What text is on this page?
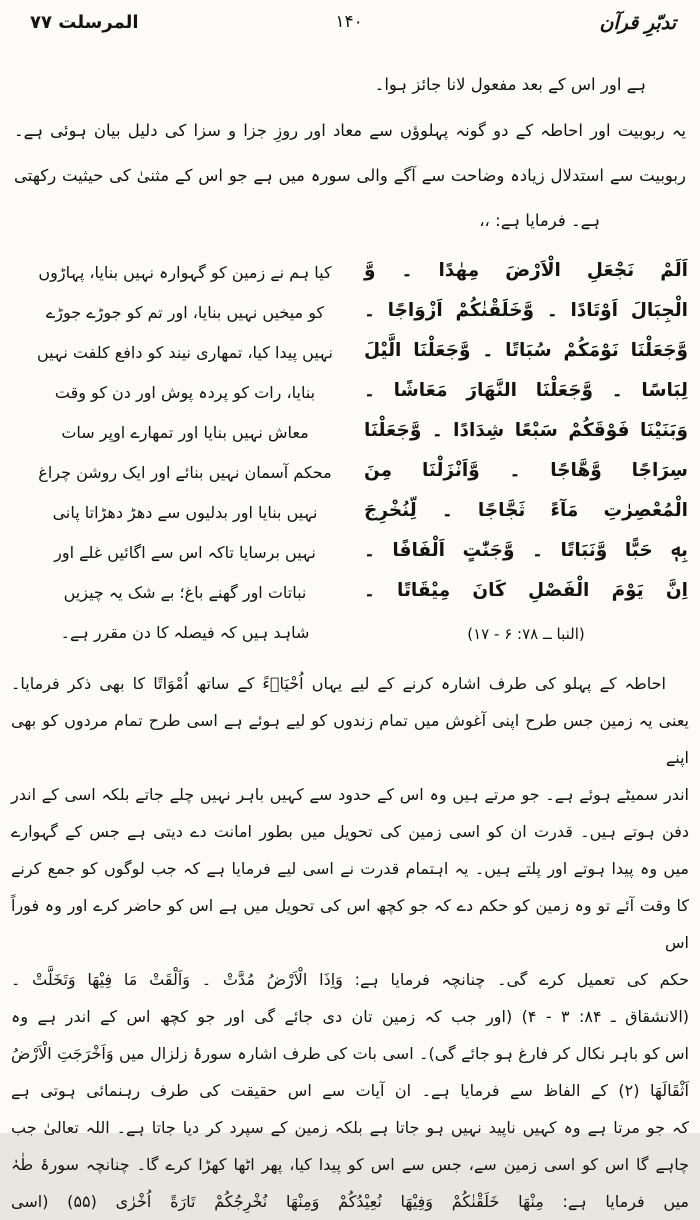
تدبّرِ قرآن
۱۴۰
المرسلت ۷۷
ہے اور اس کے بعد مفعول لانا جائز ہوا۔
یہ ربوبیت اور احاطہ کے دو گونہ پہلوؤں سے معاد اور روزِ جزا و سزا کی دلیل بیان ہوئی ہے۔
ربوبیت سے استدلال زیادہ وضاحت سے آگے والی سورہ میں ہے جو اس کے مثنیٰ کی حیثیت رکھتی
ہے۔ فرمایا ہے: ،،
اَلَمْ نَجْعَلِ الْاَرْضَ مِهٰدًا ۔ وَّ
الْجِبَالَ اَوْتَادًا ۔ وَّخَلَقْنٰكُمْ اَزْوَاجًا ۔
وَّجَعَلْنَا نَوْمَكُمْ سُبَاتًا ۔ وَّجَعَلْنَا الَّيْلَ
لِبَاسًا ۔ وَّجَعَلْنَا النَّهَارَ مَعَاشًا ۔
وَبَنَيْنَا فَوْقَكُمْ سَبْعًا شِدَادًا ۔ وَّجَعَلْنَا
سِرَاجًا وَّهَّاجًا ۔ وَّاَنْزَلْنَا مِنَ
الْمُعْصِرٰتِ مَآءً ثَجَّاجًا ۔ لِّنُخْرِجَ
بِهٖ حَبًّا وَّنَبَاتًا ۔ وَّجَنّٰتٍ اَلْفَافًا ۔
اِنَّ يَوْمَ الْفَصْلِ كَانَ مِيْقَاتًا ۔
(النبا ــ ۷۸: ۶ - ۱۷)
کیا ہم نے زمین کو گہوارہ نہیں بنایا، پہاڑوں
کو میخیں نہیں بنایا، اور تم کو جوڑے جوڑے
نہیں پیدا کیا، تمھاری نیند کو دافع کلفت نہیں
بنایا، رات کو پردہ پوش اور دن کو وقت
معاش نہیں بنایا اور تمھارے اوپر سات
محکم آسمان نہیں بنائے اور ایک روشن چراغ
نہیں بنایا اور بدلیوں سے دھڑ دھڑاتا پانی
نہیں برسایا تاکہ اس سے اگائیں غلے اور
نباتات اور گھنے باغ؛ بے شک یہ چیزیں
شاہد ہیں کہ فیصلہ کا دن مقرر ہے۔
احاطہ کے پہلو کی طرف اشارہ کرنے کے لیے یہاں اُحْيَاۤءً کے ساتھ اُمْوَاتًا کا بھی ذکر فرمایا۔
یعنی یہ زمین جس طرح اپنی آغوش میں تمام زندوں کو لیے ہوئے ہے اسی طرح تمام مردوں کو بھی اپنے
اندر سمیٹے ہوئے ہے۔ جو مرتے ہیں وہ اس کے حدود سے کہیں باہر نہیں چلے جاتے بلکہ اسی کے اندر
دفن ہوتے ہیں۔ قدرت ان کو اسی زمین کی تحویل میں بطور امانت دے دیتی ہے جس کے گہوارے
میں وہ پیدا ہوتے اور پلتے ہیں۔ یہ اہتمام قدرت نے اسی لیے فرمایا ہے کہ جب لوگوں کو جمع کرنے
کا وقت آئے تو وہ زمین کو حکم دے کہ جو کچھ اس کی تحویل میں ہے اس کو حاضر کرے اور وہ فوراً اس
حکم کی تعمیل کرے گی۔ چنانچہ فرمایا ہے: وَاِذَا الْاَرْضُ مُدَّتْ ۔ وَاَلْقَتْ مَا فِيْهَا وَتَخَلَّتْ ۔
(الانشقاق ـ ۸۴: ۳ - ۴) (اور جب کہ زمین تان دی جائے گی اور جو کچھ اس کے اندر ہے وہ
اس کو باہر نکال کر فارغ ہو جائے گی)۔ اسی بات کی طرف اشارہ سورۂ زلزال میں وَاَخْرَجَتِ الْاَرْضُ
اَثْقَالَهَا (۲) کے الفاظ سے فرمایا ہے۔ ان آیات سے اس حقیقت کی طرف رہنمائی ہوتی ہے
کہ جو مرتا ہے وہ کہیں ناپید نہیں ہو جاتا ہے بلکہ زمین کے سپرد کر دیا جاتا ہے۔ اللہ تعالیٰ جب
چاہے گا اس کو اسی زمین سے، جس سے اس کو پیدا کیا، پھر اٹھا کھڑا کرے گا۔ چنانچہ سورۂ طٰہٰ
میں فرمایا ہے: مِنْهَا خَلَقْنٰكُمْ وَفِيْهَا نُعِيْدُكُمْ وَمِنْهَا نُخْرِجُكُمْ تَارَةً اُخْرٰى (۵۵) (اسی
